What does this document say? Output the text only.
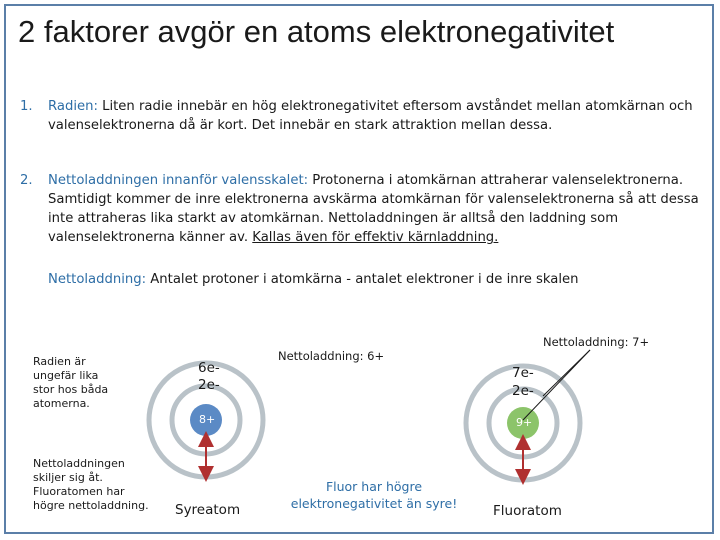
2 faktorer avgör en atoms elektronegativitet
1. Radien: Liten radie innebär en hög elektronegativitet eftersom avståndet mellan atomkärnan och valenselektronerna då är kort. Det innebär en stark attraktion mellan dessa.
2. Nettoladdningen innanför valensskalet: Protonerna i atomkärnan attraherar valenselektronerna. Samtidigt kommer de inre elektronerna avskärma atomkärnan för valenselektronerna så att dessa inte attraheras lika starkt av atomkärnan. Nettoladdningen är alltså den laddning som valenselektronerna känner av. Kallas även för effektiv kärnladdning.
Nettoladdning: Antalet protoner i atomkärna - antalet elektroner i de inre skalen
Radien är ungefär lika stor hos båda atomerna.
Nettoladdningen skiljer sig åt. Fluoratomen har högre nettoladdning.
6e-
2e-
8+
Nettoladdning: 6+
Syreatom
7e-
2e-
9+
Nettoladdning: 7+
Fluoratom
Fluor har högre elektronegativitet än syre!
